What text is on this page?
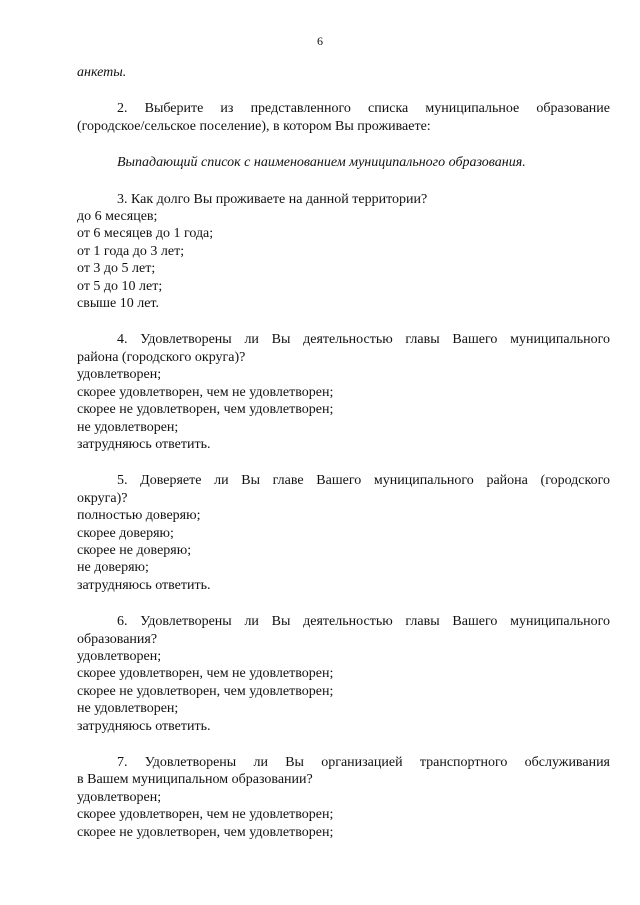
6
анкеты.
2. Выберите из представленного списка муниципальное образование
(городское/сельское поселение), в котором Вы проживаете:
Выпадающий список с наименованием муниципального образования.
3. Как долго Вы проживаете на данной территории?
до 6 месяцев;
от 6 месяцев до 1 года;
от 1 года до 3 лет;
от 3 до 5 лет;
от 5 до 10 лет;
свыше 10 лет.
4. Удовлетворены ли Вы деятельностью главы Вашего муниципального
района (городского округа)?
удовлетворен;
скорее удовлетворен, чем не удовлетворен;
скорее не удовлетворен, чем удовлетворен;
не удовлетворен;
затрудняюсь ответить.
5. Доверяете ли Вы главе Вашего муниципального района (городского
округа)?
полностью доверяю;
скорее доверяю;
скорее не доверяю;
не доверяю;
затрудняюсь ответить.
6. Удовлетворены ли Вы деятельностью главы Вашего муниципального
образования?
удовлетворен;
скорее удовлетворен, чем не удовлетворен;
скорее не удовлетворен, чем удовлетворен;
не удовлетворен;
затрудняюсь ответить.
7. Удовлетворены ли Вы организацией транспортного обслуживания
в Вашем муниципальном образовании?
удовлетворен;
скорее удовлетворен, чем не удовлетворен;
скорее не удовлетворен, чем удовлетворен;
